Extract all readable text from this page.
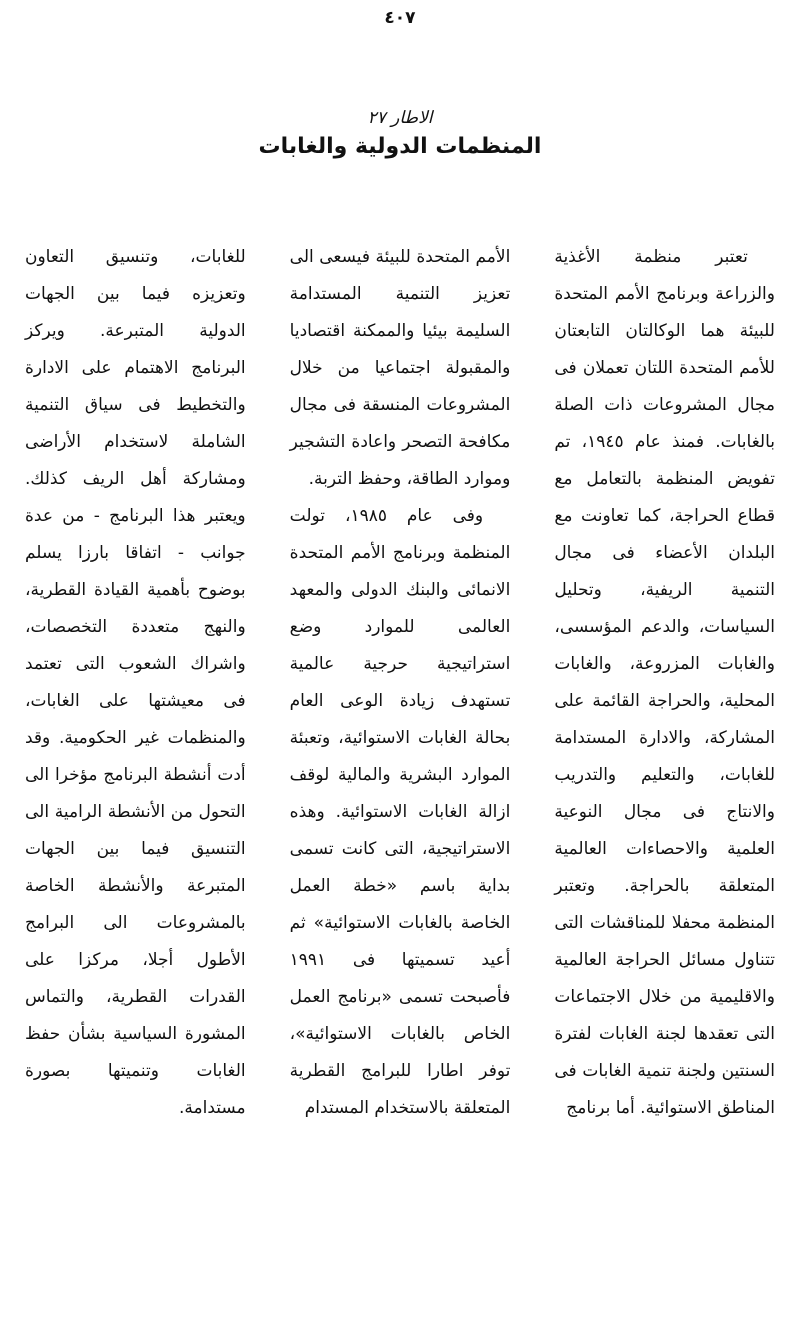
٤٠٧
الاطار ٢٧
المنظمات الدولية والغابات

تعتبر منظمة الأغذية والزراعة وبرنامج الأمم المتحدة للبيئة هما الوكالتان التابعتان للأمم المتحدة اللتان تعملان فى مجال المشروعات ذات الصلة بالغابات. فمنذ عام ١٩٤٥، تم تفويض المنظمة بالتعامل مع قطاع الحراجة، كما تعاونت مع البلدان الأعضاء فى مجال التنمية الريفية، وتحليل السياسات، والدعم المؤسسى، والغابات المزروعة، والغابات المحلية، والحراجة القائمة على المشاركة، والادارة المستدامة للغابات، والتعليم والتدريب والانتاج فى مجال النوعية العلمية والاحصاءات العالمية المتعلقة بالحراجة. وتعتبر المنظمة محفلا للمناقشات التى تتناول مسائل الحراجة العالمية والاقليمية من خلال الاجتماعات التى تعقدها لجنة الغابات لفترة السنتين ولجنة تنمية الغابات فى المناطق الاستوائية. أما برنامج

الأمم المتحدة للبيئة فيسعى الى تعزيز التنمية المستدامة السليمة بيئيا والممكنة اقتصاديا والمقبولة اجتماعيا من خلال المشروعات المنسقة فى مجال مكافحة التصحر واعادة التشجير وموارد الطاقة، وحفظ التربة.

وفى عام ١٩٨٥، تولت المنظمة وبرنامج الأمم المتحدة الانمائى والبنك الدولى والمعهد العالمى للموارد وضع استراتيجية حرجية عالمية تستهدف زيادة الوعى العام بحالة الغابات الاستوائية، وتعبئة الموارد البشرية والمالية لوقف ازالة الغابات الاستوائية. وهذه الاستراتيجية، التى كانت تسمى بداية باسم «خطة العمل الخاصة بالغابات الاستوائية» ثم أعيد تسميتها فى ١٩٩١ فأصبحت تسمى «برنامج العمل الخاص بالغابات الاستوائية»، توفر اطارا للبرامج القطرية المتعلقة بالاستخدام المستدام

للغابات، وتنسيق التعاون وتعزيزه فيما بين الجهات الدولية المتبرعة. ويركز البرنامج الاهتمام على الادارة والتخطيط فى سياق التنمية الشاملة لاستخدام الأراضى ومشاركة أهل الريف كذلك. ويعتبر هذا البرنامج - من عدة جوانب - اتفاقا بارزا يسلم بوضوح بأهمية القيادة القطرية، والنهج متعددة التخصصات، واشراك الشعوب التى تعتمد فى معيشتها على الغابات، والمنظمات غير الحكومية. وقد أدت أنشطة البرنامج مؤخرا الى التحول من الأنشطة الرامية الى التنسيق فيما بين الجهات المتبرعة والأنشطة الخاصة بالمشروعات الى البرامج الأطول أجلا، مركزا على القدرات القطرية، والتماس المشورة السياسية بشأن حفظ الغابات وتنميتها بصورة مستدامة.
